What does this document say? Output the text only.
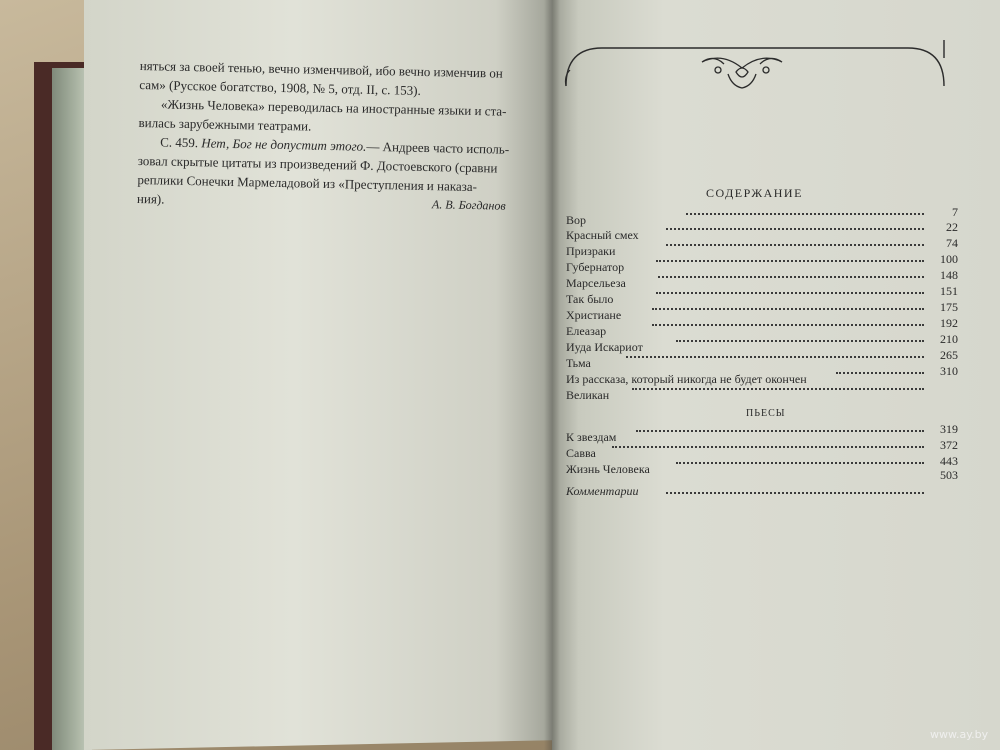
няться за своей тенью, вечно изменчивой, ибо вечно изменчив он
сам» (Русское богатство, 1908, № 5, отд. II, с. 153).
«Жизнь Человека» переводилась на иностранные языки и ста-
вилась зарубежными театрами.
С. 459. Нет, Бог не допустит этого.— Андреев часто исполь-
зовал скрытые цитаты из произведений Ф. Достоевского (сравни
реплики Сонечки Мармеладовой из «Преступления и наказа-
ния).	А. В. Богданов
СОДЕРЖАНИЕ
Вор
7
Красный смех
22
Призраки
74
Губернатор
100
Марсельеза
148
Так было
151
Христиане
175
Елеазар
192
Иуда Искариот
210
Тьма
265
Из рассказа, который никогда не будет окончен
310
Великан
ПЬЕСЫ
К звездам
319
Савва
372
Жизнь Человека
443
Комментарии
503
www.ay.by
